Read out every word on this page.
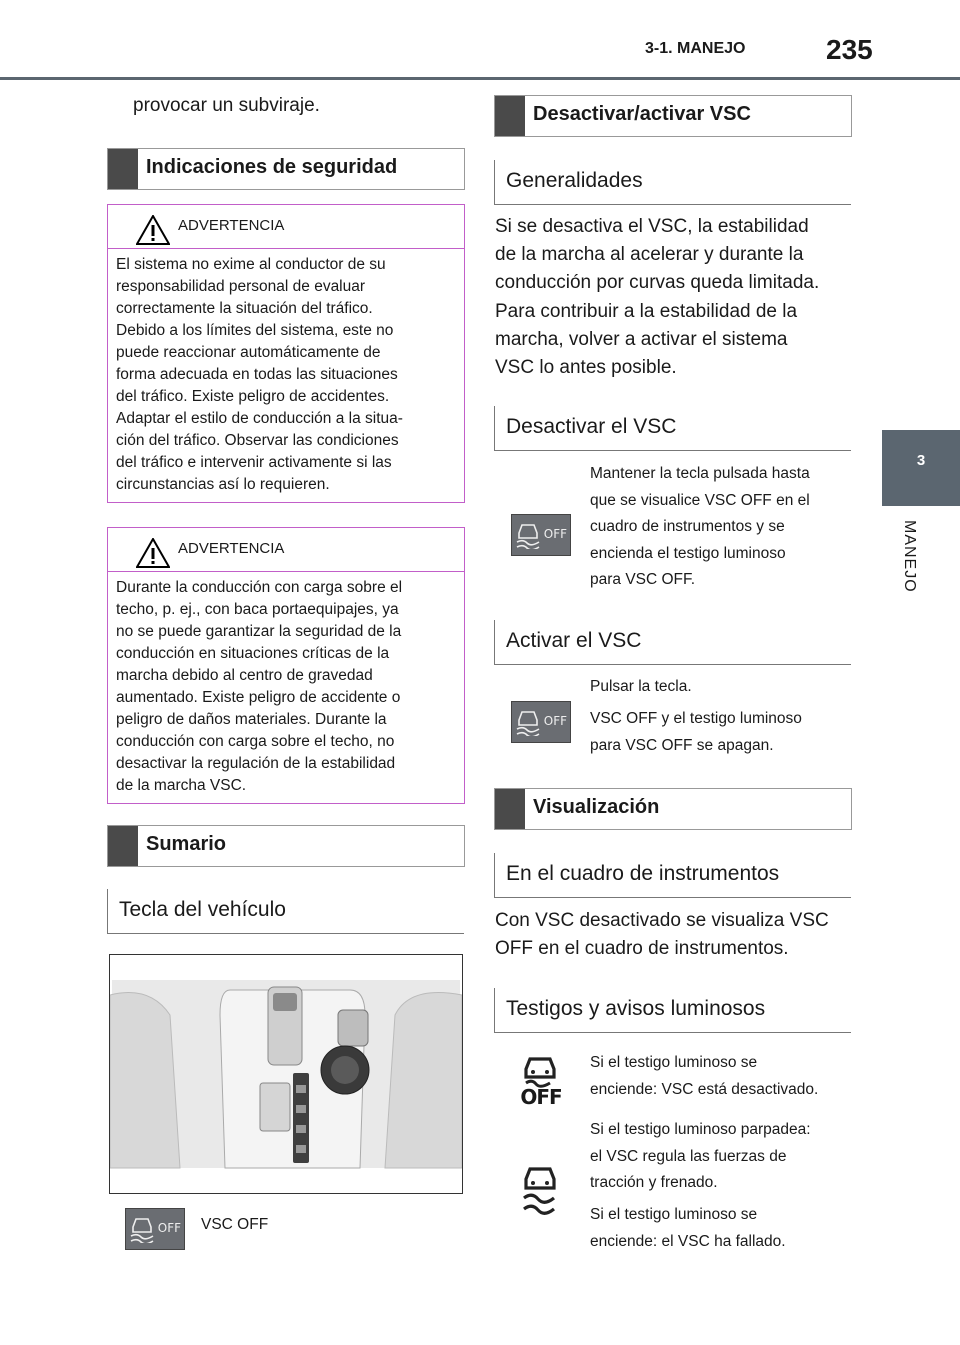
3-1. MANEJO	235
3
MANEJO
provocar un subviraje.
Indicaciones de seguridad
ADVERTENCIA
El sistema no exime al conductor de su
responsabilidad personal de evaluar
correctamente la situación del tráfico.
Debido a los límites del sistema, este no
puede reaccionar automáticamente de
forma adecuada en todas las situaciones
del tráfico. Existe peligro de accidentes.
Adaptar el estilo de conducción a la situa-
ción del tráfico. Observar las condiciones
del tráfico e intervenir activamente si las
circunstancias así lo requieren.
ADVERTENCIA
Durante la conducción con carga sobre el
techo, p. ej., con baca portaequipajes, ya
no se puede garantizar la seguridad de la
conducción en situaciones críticas de la
marcha debido al centro de gravedad
aumentado. Existe peligro de accidente o
peligro de daños materiales. Durante la
conducción con carga sobre el techo, no
desactivar la regulación de la estabilidad
de la marcha VSC.
Sumario
Tecla del vehículo
OFF VSC OFF
Desactivar/activar VSC
Generalidades
Si se desactiva el VSC, la estabilidad
de la marcha al acelerar y durante la
conducción por curvas queda limitada.
Para contribuir a la estabilidad de la
marcha, volver a activar el sistema
VSC lo antes posible.
Desactivar el VSC
OFF
Mantener la tecla pulsada hasta
que se visualice VSC OFF en el
cuadro de instrumentos y se
encienda el testigo luminoso
para VSC OFF.
Activar el VSC
OFF
Pulsar la tecla.
VSC OFF y el testigo luminoso
para VSC OFF se apagan.
Visualización
En el cuadro de instrumentos
Con VSC desactivado se visualiza VSC
OFF en el cuadro de instrumentos.
Testigos y avisos luminosos
OFF
Si el testigo luminoso se
enciende: VSC está desactivado.
Si el testigo luminoso parpadea:
el VSC regula las fuerzas de
tracción y frenado.
Si el testigo luminoso se
enciende: el VSC ha fallado.
